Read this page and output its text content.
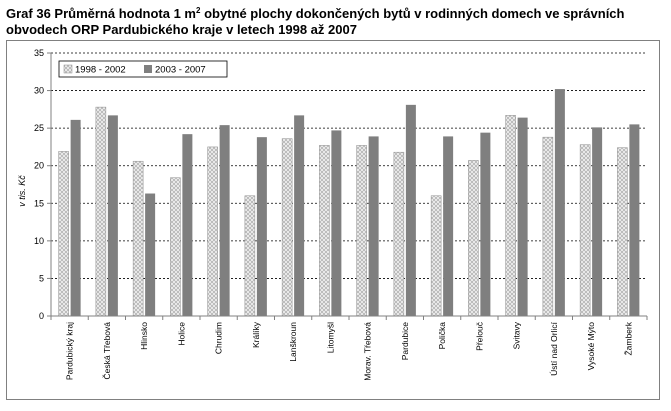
Graf 36 Průměrná hodnota 1 $m^2$ obytné plochy dokončených bytů v rodinných domech ve správních
obvodech ORP Pardubického kraje v letech 1998 až 2007
0
5
10
15
20
25
30
35
v tis. Kč
Pardubický kraj	Česká Třebová	Hlinsko	Holice	Chrudim	Králíky	Lanškroun	Litomyšl	Morav. Třebová	Pardubice	Polička	Přelouč	Svitavy	Ústí nad Orlicí	Vysoké Mýto	Žamberk
1998 - 2002	2003 - 2007
